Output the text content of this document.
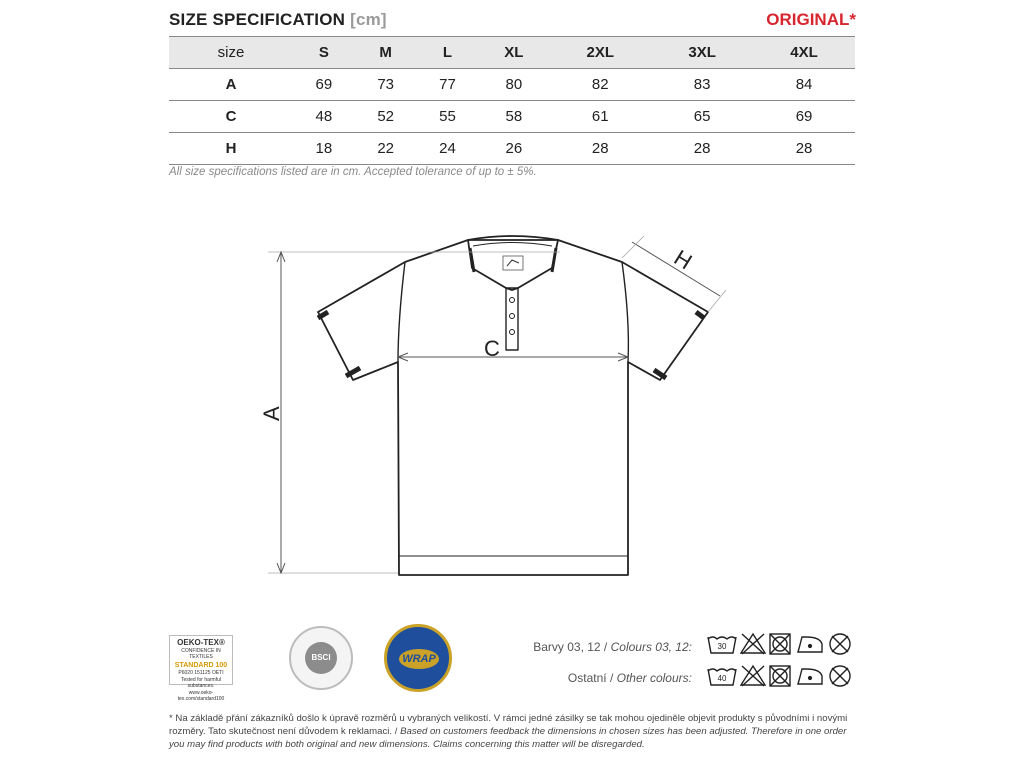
SIZE SPECIFICATION [cm]	ORIGINAL*
size	S	M	L	XL	2XL	3XL	4XL
A	69	73	77	80	82	83	84
C	48	52	55	58	61	65	69
H	18	22	24	26	28	28	28
All size specifications listed are in cm. Accepted tolerance of up to ± 5%.
A
C
H
OEKO-TEX®
CONFIDENCE IN TEXTILES
STANDARD 100
P6020 151125 OETI
Tested for harmful substances.
www.oeko-tex.com/standard100
BSCI	WRAP
Barvy 03, 12 / Colours 03, 12:
Ostatní / Other colours:
30
40
* Na základě přání zákazníků došlo k úpravě rozměrů u vybraných velikostí. V rámci jedné zásilky se tak mohou ojediněle objevit produkty s původními i novými rozměry. Tato skutečnost není důvodem k reklamaci. / Based on customers feedback the dimensions in chosen sizes has been adjusted. Therefore in one order you may find products with both original and new dimensions. Claims concerning this matter will be disregarded.
